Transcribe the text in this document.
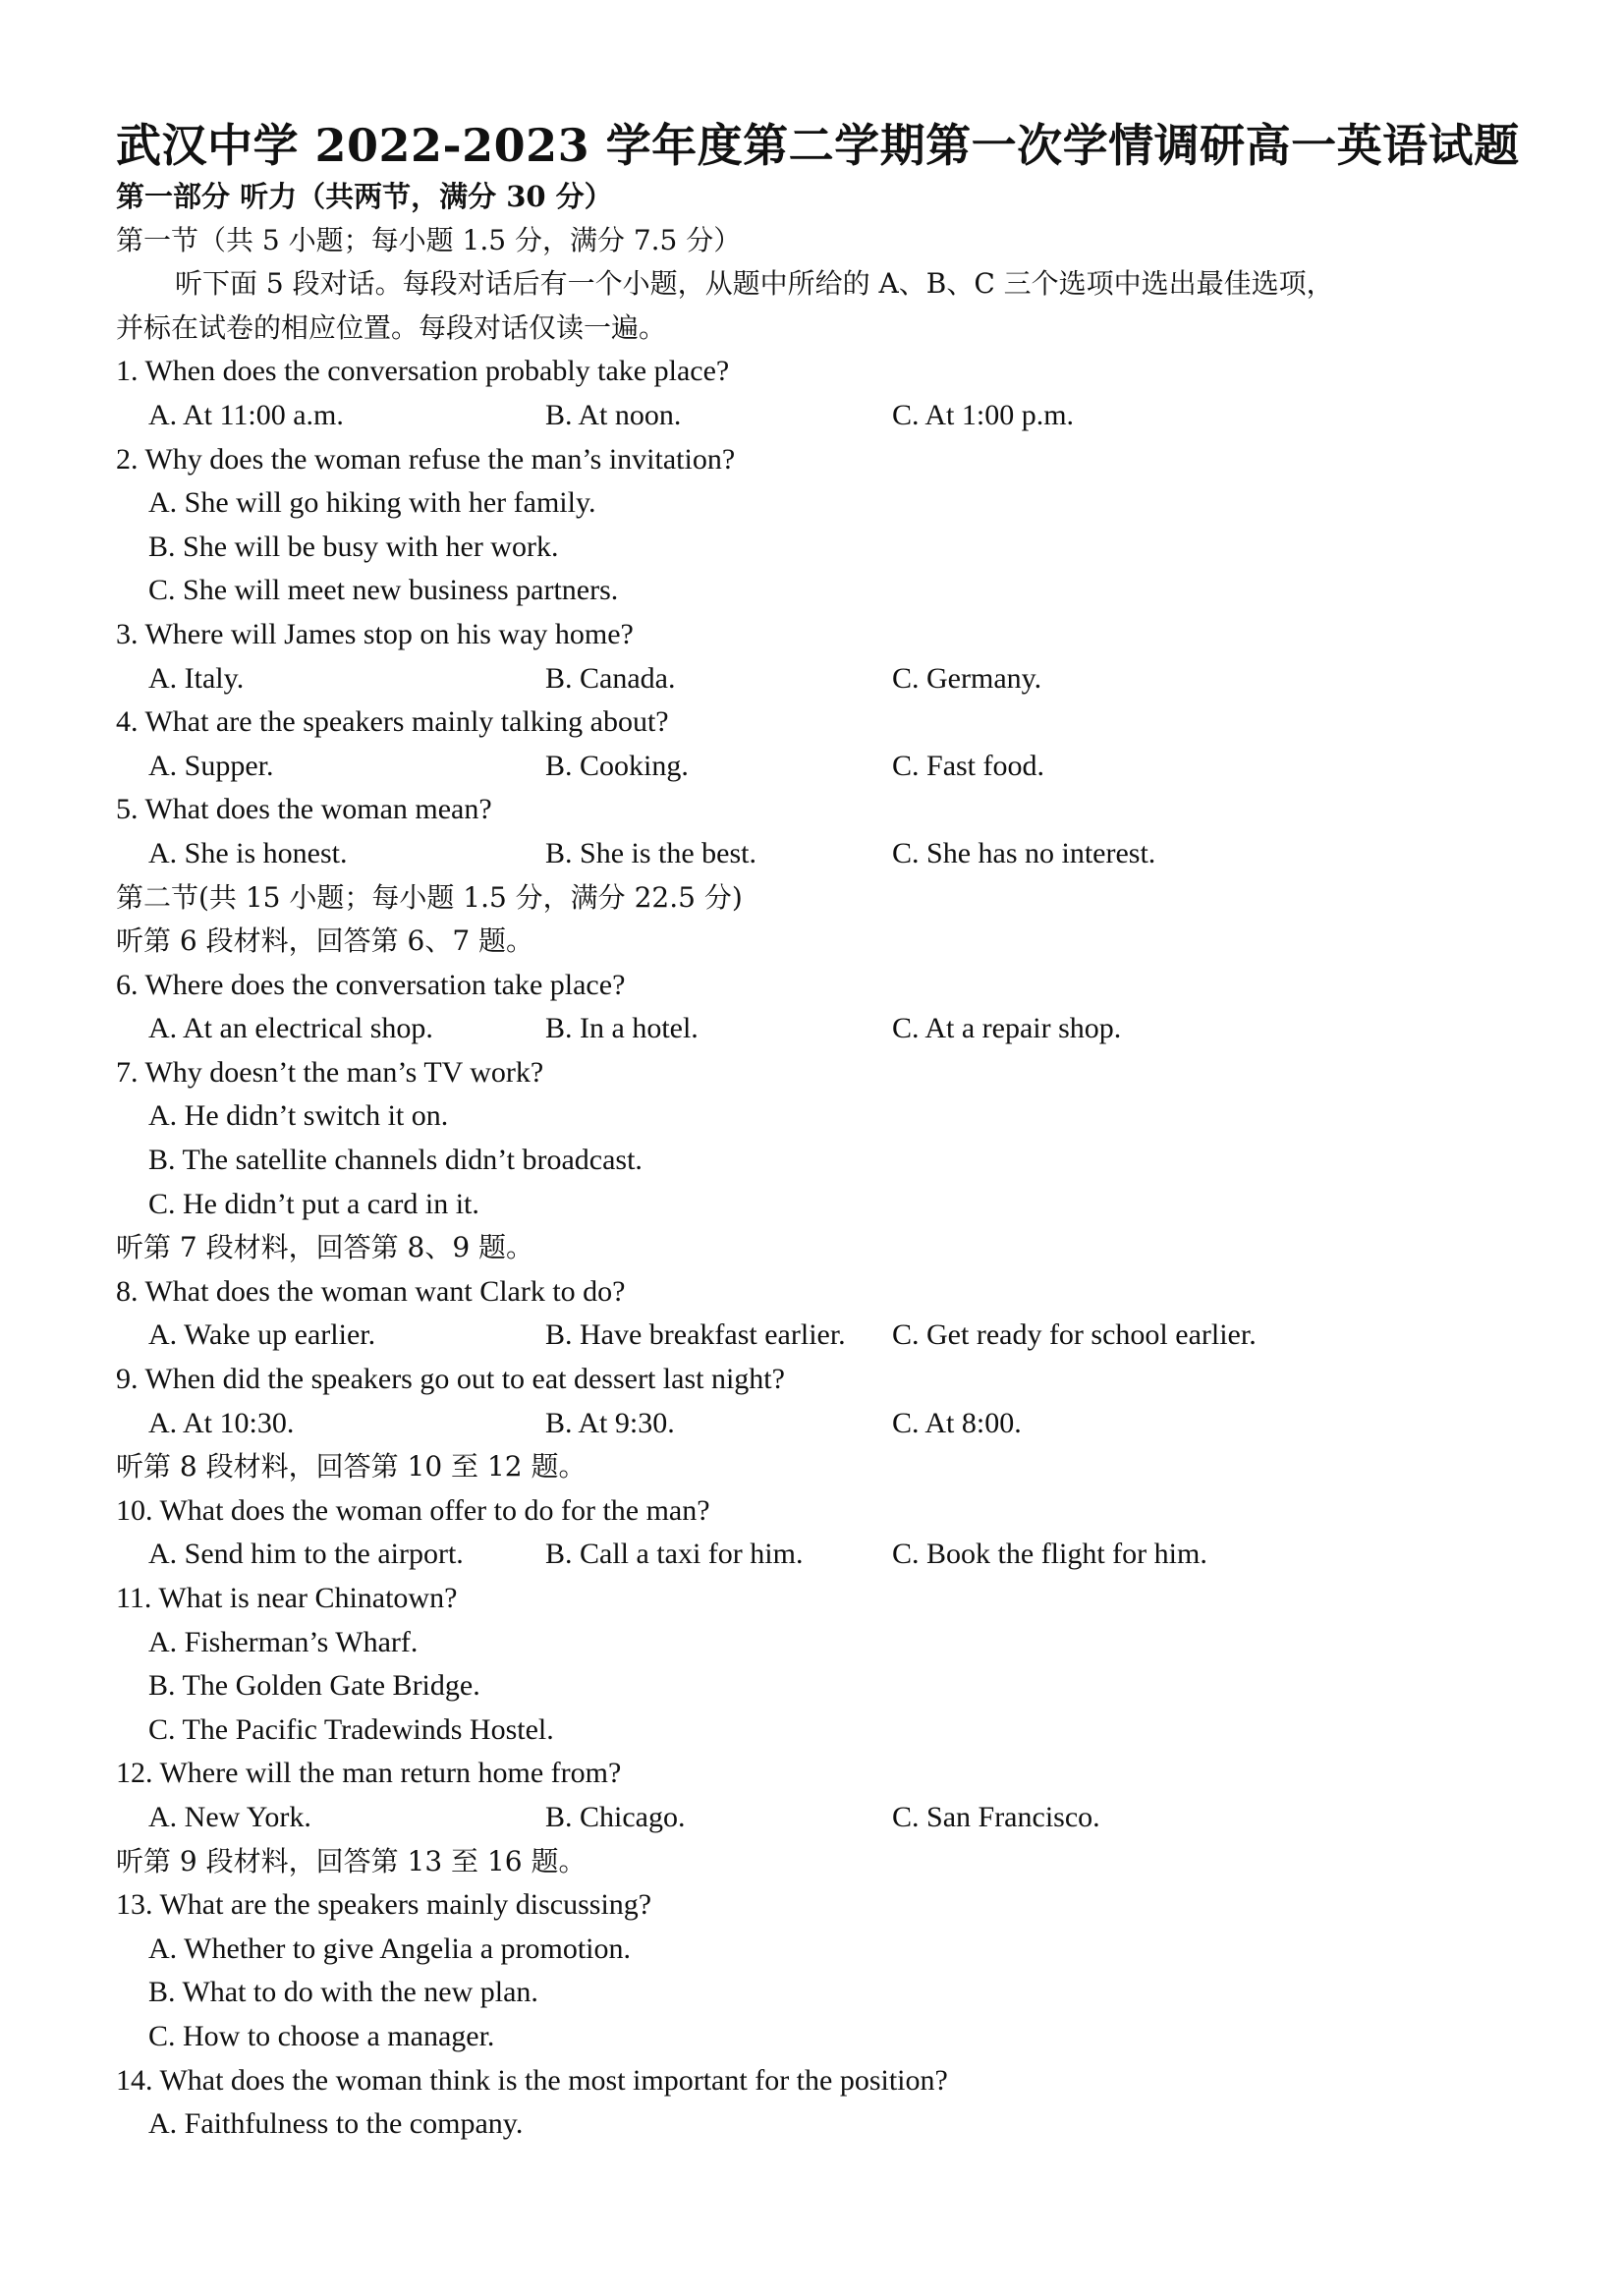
武汉中学 2022-2023 学年度第二学期第一次学情调研高一英语试题
第一部分 听力（共两节，满分 30 分）
第一节（共 5 小题；每小题 1.5 分，满分 7.5 分）
听下面 5 段对话。每段对话后有一个小题，从题中所给的 A、B、C 三个选项中选出最佳选项，
并标在试卷的相应位置。每段对话仅读一遍。
1. When does the conversation probably take place?
A. At 11:00 a.m.	B. At noon.	C. At 1:00 p.m.
2. Why does the woman refuse the man’s invitation?
A. She will go hiking with her family.
B. She will be busy with her work.
C. She will meet new business partners.
3. Where will James stop on his way home?
A. Italy.	B. Canada.	C. Germany.
4. What are the speakers mainly talking about?
A. Supper.	B. Cooking.	C. Fast food.
5. What does the woman mean?
A. She is honest.	B. She is the best.	C. She has no interest.
第二节(共 15 小题；每小题 1.5 分，满分 22.5 分)
听第 6 段材料，回答第 6、7 题。
6. Where does the conversation take place?
A. At an electrical shop.	B. In a hotel.	C. At a repair shop.
7. Why doesn’t the man’s TV work?
A. He didn’t switch it on.
B. The satellite channels didn’t broadcast.
C. He didn’t put a card in it.
听第 7 段材料，回答第 8、9 题。
8. What does the woman want Clark to do?
A. Wake up earlier.	B. Have breakfast earlier. C. Get ready for school earlier.
9. When did the speakers go out to eat dessert last night?
A. At 10:30.	B. At 9:30.	C. At 8:00.
听第 8 段材料，回答第 10 至 12 题。
10. What does the woman offer to do for the man?
A. Send him to the airport.	B. Call a taxi for him.	C. Book the flight for him.
11. What is near Chinatown?
A. Fisherman’s Wharf.
B. The Golden Gate Bridge.
C. The Pacific Tradewinds Hostel.
12. Where will the man return home from?
A. New York.	B. Chicago.	C. San Francisco.
听第 9 段材料，回答第 13 至 16 题。
13. What are the speakers mainly discussing?
A. Whether to give Angelia a promotion.
B. What to do with the new plan.
C. How to choose a manager.
14. What does the woman think is the most important for the position?
A. Faithfulness to the company.
